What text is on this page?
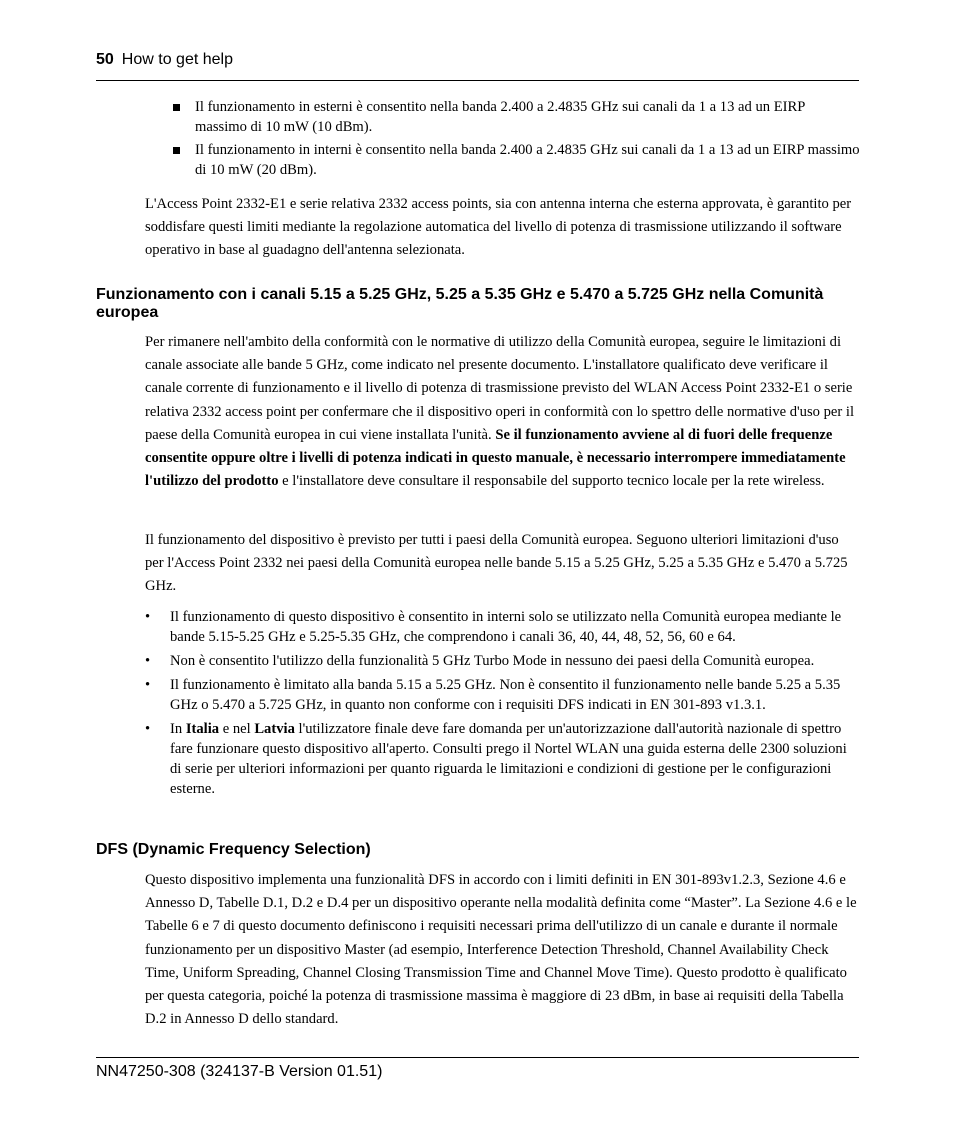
50 How to get help
Il funzionamento in esterni è consentito nella banda 2.400 a 2.4835 GHz sui canali da 1 a 13 ad un EIRP massimo di 10 mW (10 dBm).
Il funzionamento in interni è consentito nella banda 2.400 a 2.4835 GHz sui canali da 1 a 13 ad un EIRP massimo di 10 mW (20 dBm).

L'Access Point 2332-E1 e serie relativa 2332 access points, sia con antenna interna che esterna approvata, è garantito per soddisfare questi limiti mediante la regolazione automatica del livello di potenza di trasmissione utilizzando il software operativo in base al guadagno dell'antenna selezionata.

Funzionamento con i canali 5.15 a 5.25 GHz, 5.25 a 5.35 GHz e 5.470 a 5.725 GHz nella Comunità europea

Per rimanere nell'ambito della conformità con le normative di utilizzo della Comunità europea, seguire le limitazioni di canale associate alle bande 5 GHz, come indicato nel presente documento. L'installatore qualificato deve verificare il canale corrente di funzionamento e il livello di potenza di trasmissione previsto del WLAN Access Point 2332-E1 o serie relativa 2332 access point per confermare che il dispositivo operi in conformità con lo spettro delle normative d'uso per il paese della Comunità europea in cui viene installata l'unità. Se il funzionamento avviene al di fuori delle frequenze consentite oppure oltre i livelli di potenza indicati in questo manuale, è necessario interrompere immediatamente l'utilizzo del prodotto e l'installatore deve consultare il responsabile del supporto tecnico locale per la rete wireless.

Il funzionamento del dispositivo è previsto per tutti i paesi della Comunità europea. Seguono ulteriori limitazioni d'uso per l'Access Point 2332 nei paesi della Comunità europea nelle bande 5.15 a 5.25 GHz, 5.25 a 5.35 GHz e 5.470 a 5.725 GHz.

• Il funzionamento di questo dispositivo è consentito in interni solo se utilizzato nella Comunità europea mediante le bande 5.15-5.25 GHz e 5.25-5.35 GHz, che comprendono i canali 36, 40, 44, 48, 52, 56, 60 e 64.
• Non è consentito l'utilizzo della funzionalità 5 GHz Turbo Mode in nessuno dei paesi della Comunità europea.
• Il funzionamento è limitato alla banda 5.15 a 5.25 GHz. Non è consentito il funzionamento nelle bande 5.25 a 5.35 GHz o 5.470 a 5.725 GHz, in quanto non conforme con i requisiti DFS indicati in EN 301-893 v1.3.1.
• In Italia e nel Latvia l'utilizzatore finale deve fare domanda per un'autorizzazione dall'autorità nazionale di spettro fare funzionare questo dispositivo all'aperto. Consulti prego il Nortel WLAN una guida esterna delle 2300 soluzioni di serie per ulteriori informazioni per quanto riguarda le limitazioni e condizioni di gestione per le configurazioni esterne.
DFS (Dynamic Frequency Selection)

Questo dispositivo implementa una funzionalità DFS in accordo con i limiti definiti in EN 301-893v1.2.3, Sezione 4.6 e Annesso D, Tabelle D.1, D.2 e D.4 per un dispositivo operante nella modalità definita come “Master”. La Sezione 4.6 e le Tabelle 6 e 7 di questo documento definiscono i requisiti necessari prima dell'utilizzo di un canale e durante il normale funzionamento per un dispositivo Master (ad esempio, Interference Detection Threshold, Channel Availability Check Time, Uniform Spreading, Channel Closing Transmission Time and Channel Move Time). Questo prodotto è qualificato per questa categoria, poiché la potenza di trasmissione massima è maggiore di 23 dBm, in base ai requisiti della Tabella D.2 in Annesso D dello standard.

NN47250-308 (324137-B Version 01.51)
